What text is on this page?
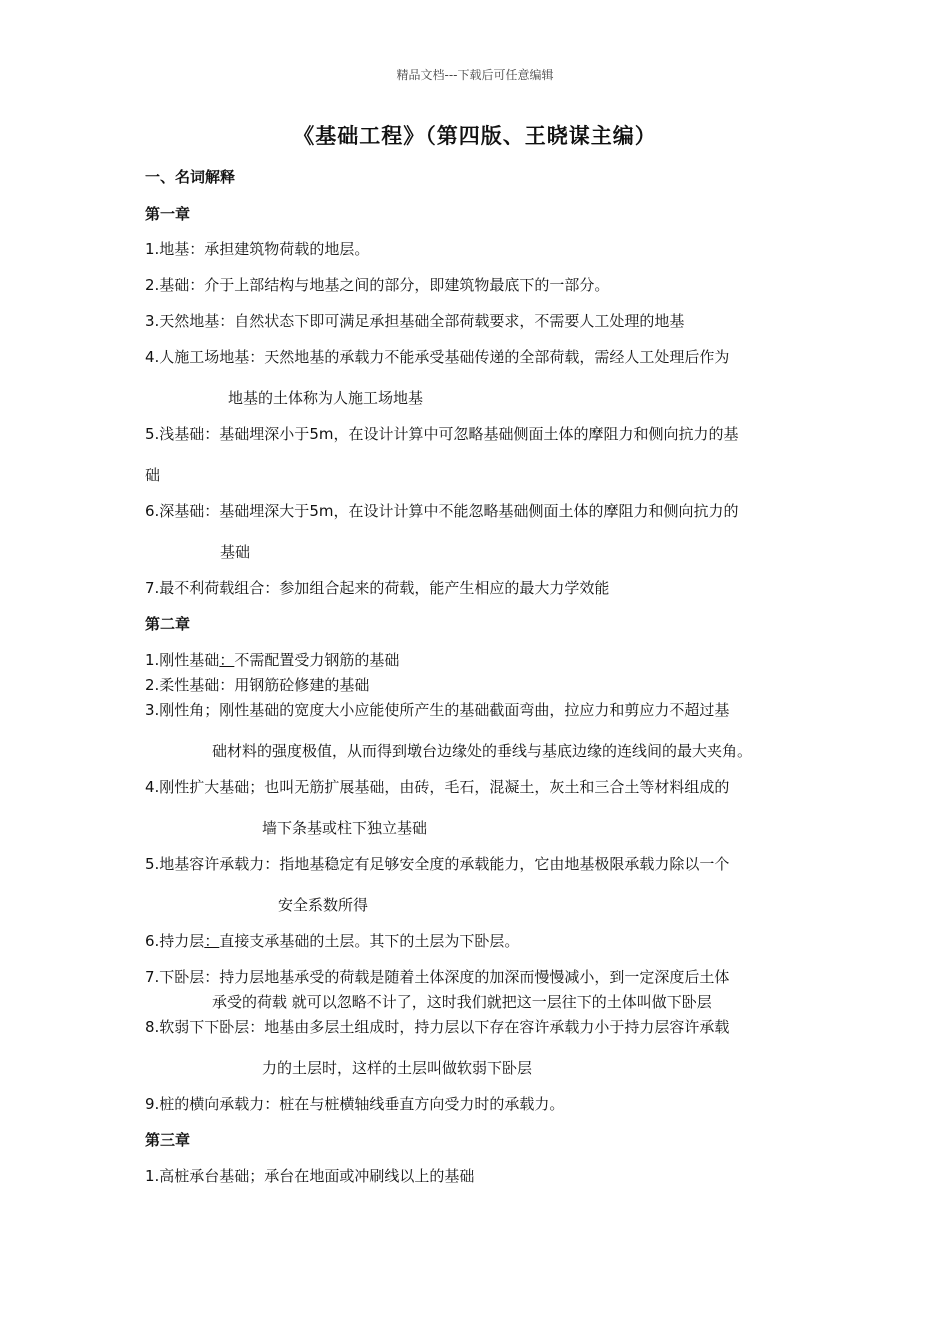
精品文档---下载后可任意编辑
《基础工程》（第四版、王晓谋主编）
一、名词解释
第一章
1.地基：承担建筑物荷载的地层。
2.基础：介于上部结构与地基之间的部分，即建筑物最底下的一部分。
3.天然地基：自然状态下即可满足承担基础全部荷载要求，不需要人工处理的地基
4.人施工场地基：天然地基的承载力不能承受基础传递的全部荷载，需经人工处理后作为
地基的土体称为人施工场地基
5.浅基础：基础埋深小于5m，在设计计算中可忽略基础侧面土体的摩阻力和侧向抗力的基
础
6.深基础：基础埋深大于5m，在设计计算中不能忽略基础侧面土体的摩阻力和侧向抗力的
基础
7.最不利荷载组合：参加组合起来的荷载，能产生相应的最大力学效能
第二章
1.刚性基础：不需配置受力钢筋的基础
2.柔性基础：用钢筋砼修建的基础
3.刚性角；刚性基础的宽度大小应能使所产生的基础截面弯曲，拉应力和剪应力不超过基
础材料的强度极值，从而得到墩台边缘处的垂线与基底边缘的连线间的最大夹角。
4.刚性扩大基础；也叫无筋扩展基础，由砖，毛石，混凝土，灰土和三合土等材料组成的
墙下条基或柱下独立基础
5.地基容许承载力：指地基稳定有足够安全度的承载能力，它由地基极限承载力除以一个
安全系数所得
6.持力层：直接支承基础的土层。其下的土层为下卧层。
7.下卧层：持力层地基承受的荷载是随着土体深度的加深而慢慢减小，到一定深度后土体
承受的荷载 就可以忽略不计了，这时我们就把这一层往下的土体叫做下卧层
8.软弱下下卧层：地基由多层土组成时，持力层以下存在容许承载力小于持力层容许承载
力的土层时，这样的土层叫做软弱下卧层
9.桩的横向承载力：桩在与桩横轴线垂直方向受力时的承载力。
第三章
1.高桩承台基础；承台在地面或冲刷线以上的基础
